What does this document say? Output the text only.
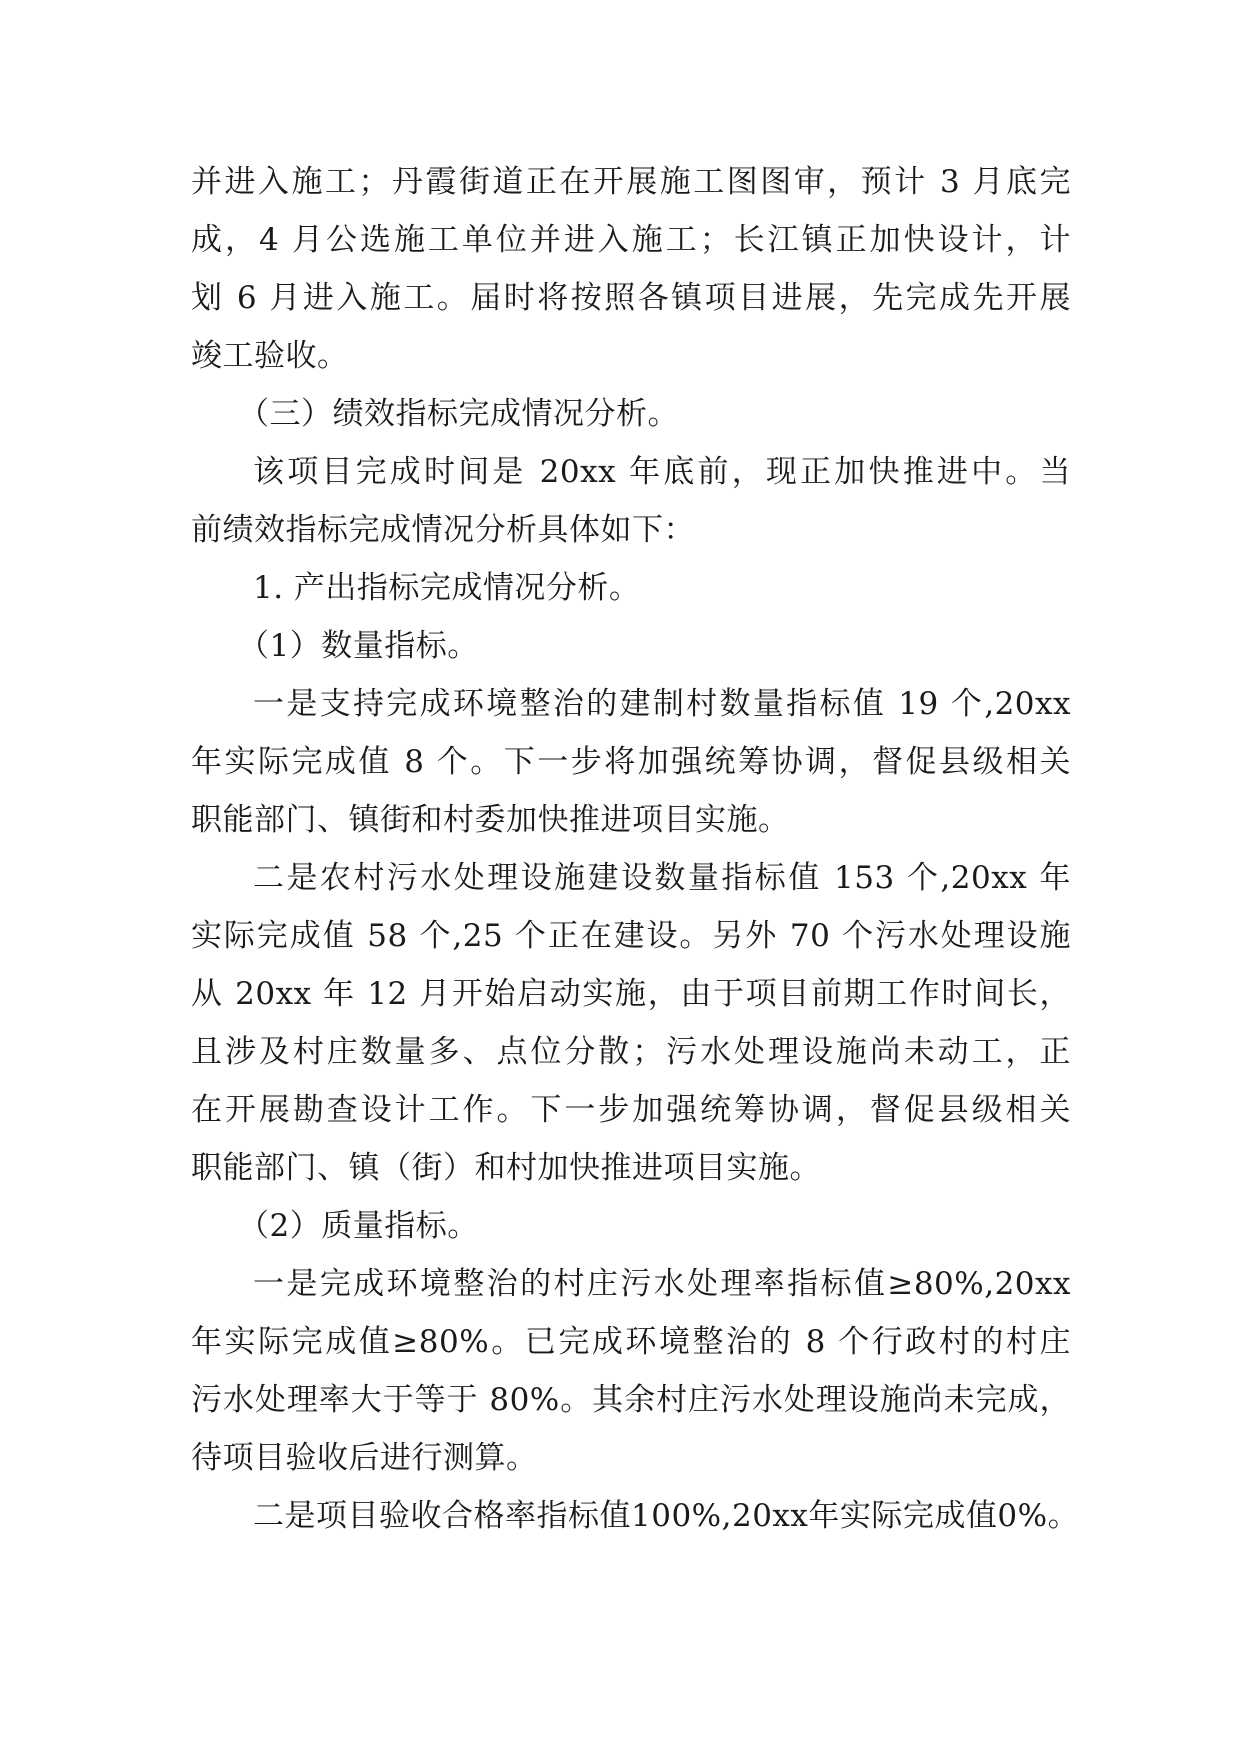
并进入施工；丹霞街道正在开展施工图图审，预计 3 月底完
成，4 月公选施工单位并进入施工；长江镇正加快设计，计
划 6 月进入施工。届时将按照各镇项目进展，先完成先开展
竣工验收。
（三）绩效指标完成情况分析。
该项目完成时间是 20xx 年底前，现正加快推进中。当
前绩效指标完成情况分析具体如下：
1. 产出指标完成情况分析。
（1）数量指标。
一是支持完成环境整治的建制村数量指标值 19 个,20xx
年实际完成值 8 个。下一步将加强统筹协调，督促县级相关
职能部门、镇街和村委加快推进项目实施。
二是农村污水处理设施建设数量指标值 153 个,20xx 年
实际完成值 58 个,25 个正在建设。另外 70 个污水处理设施
从 20xx 年 12 月开始启动实施，由于项目前期工作时间长，
且涉及村庄数量多、点位分散；污水处理设施尚未动工，正
在开展勘查设计工作。下一步加强统筹协调，督促县级相关
职能部门、镇（街）和村加快推进项目实施。
（2）质量指标。
一是完成环境整治的村庄污水处理率指标值≥80%,20xx
年实际完成值≥80%。已完成环境整治的 8 个行政村的村庄
污水处理率大于等于 80%。其余村庄污水处理设施尚未完成，
待项目验收后进行测算。
二是项目验收合格率指标值100%,20xx年实际完成值0%。
